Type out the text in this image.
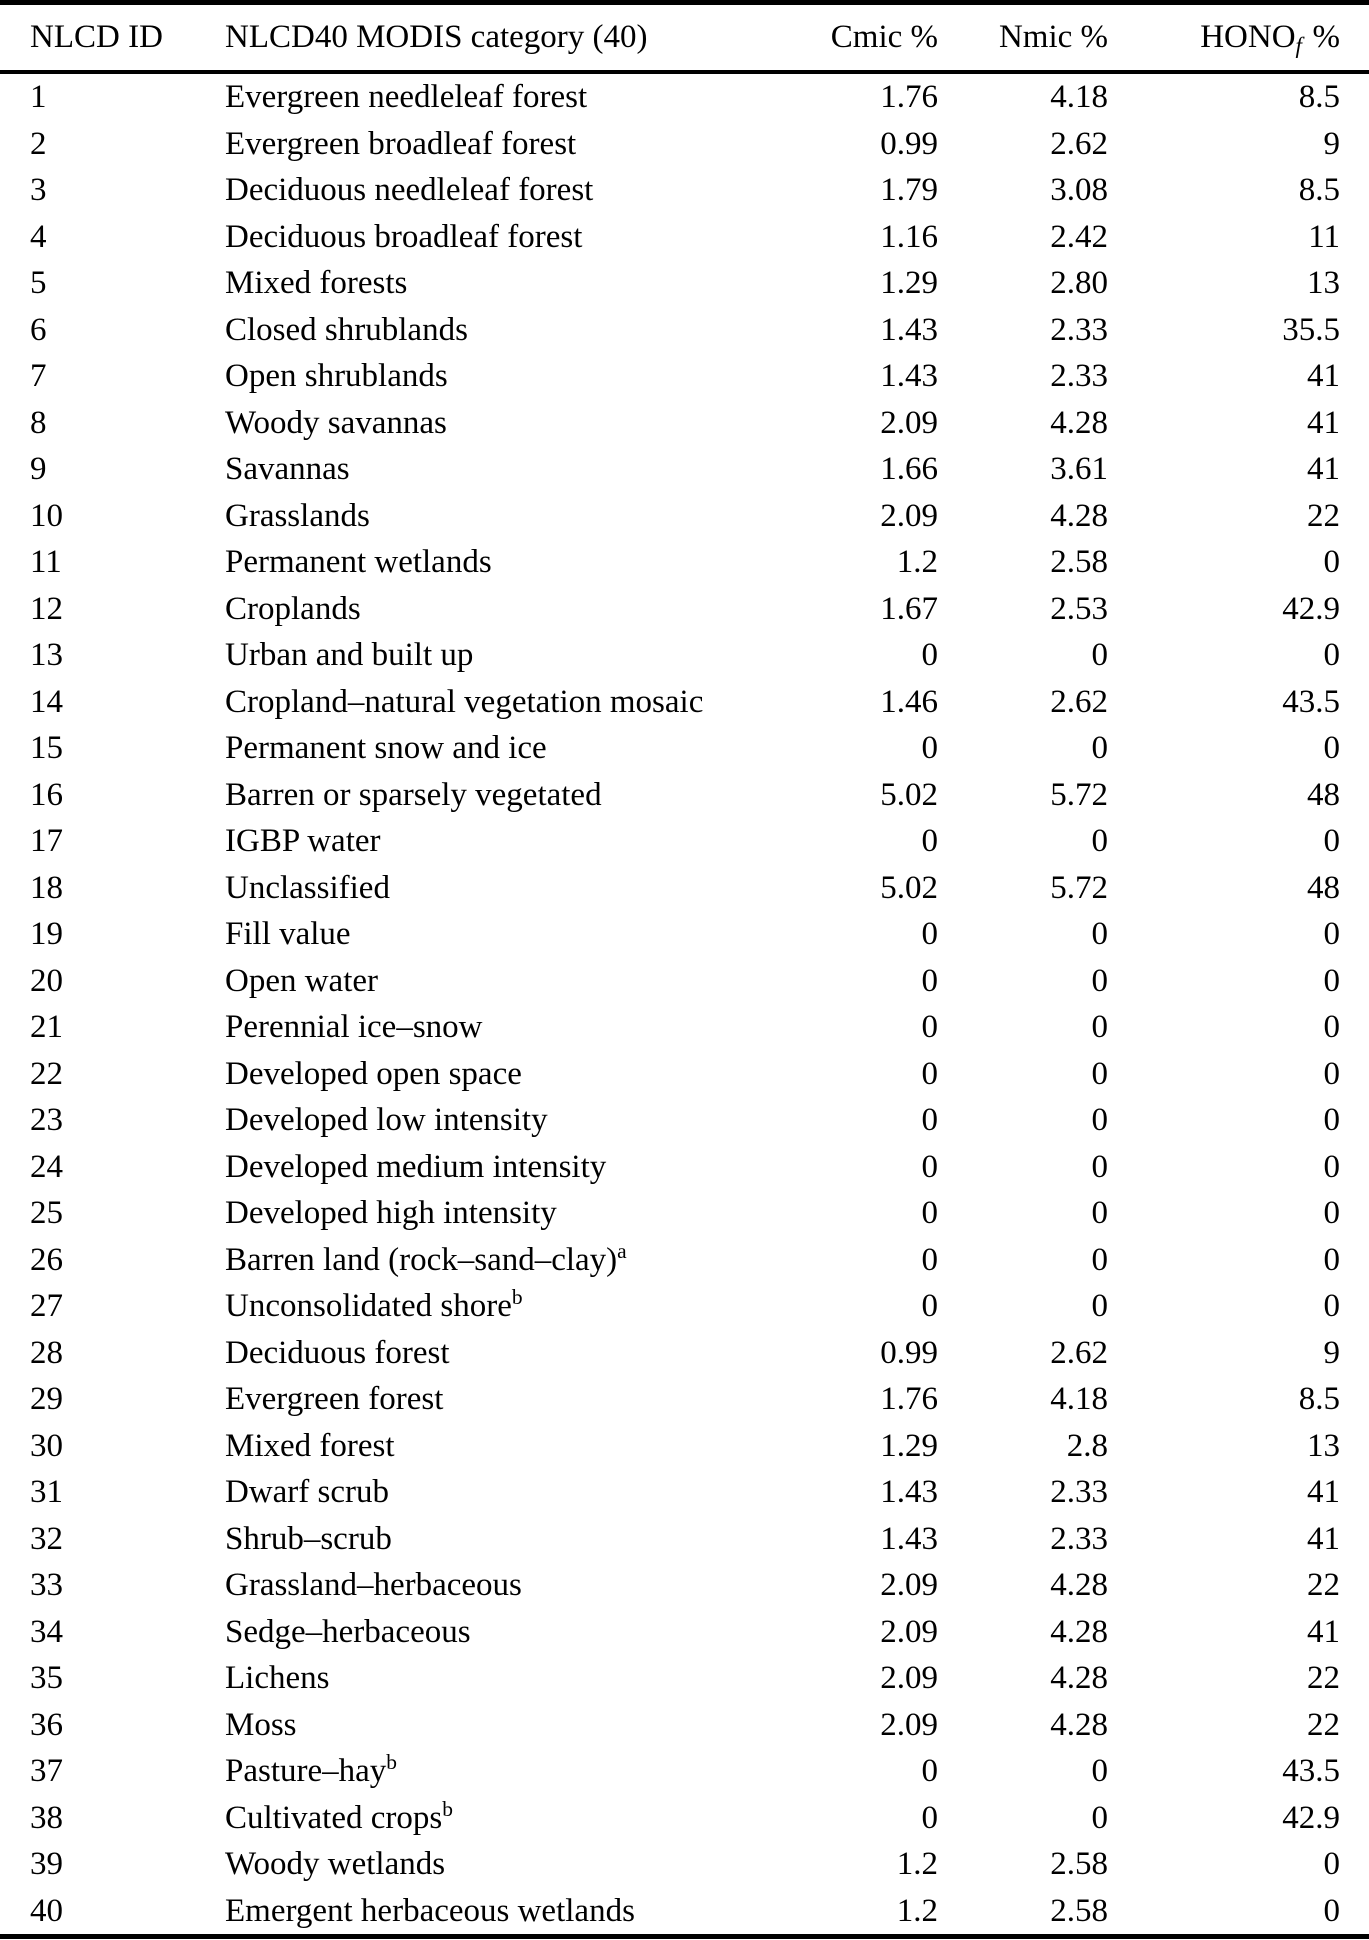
NLCD ID	NLCD40 MODIS category (40)	Cmic %	Nmic %	$HONO_f$ %
1	Evergreen needleleaf forest	1.76	4.18	8.5
2	Evergreen broadleaf forest	0.99	2.62	9
3	Deciduous needleleaf forest	1.79	3.08	8.5
4	Deciduous broadleaf forest	1.16	2.42	11
5	Mixed forests	1.29	2.80	13
6	Closed shrublands	1.43	2.33	35.5
7	Open shrublands	1.43	2.33	41
8	Woody savannas	2.09	4.28	41
9	Savannas	1.66	3.61	41
10	Grasslands	2.09	4.28	22
11	Permanent wetlands	1.2	2.58	0
12	Croplands	1.67	2.53	42.9
13	Urban and built up	0	0	0
14	Cropland–natural vegetation mosaic	1.46	2.62	43.5
15	Permanent snow and ice	0	0	0
16	Barren or sparsely vegetated	5.02	5.72	48
17	IGBP water	0	0	0
18	Unclassified	5.02	5.72	48
19	Fill value	0	0	0
20	Open water	0	0	0
21	Perennial ice–snow	0	0	0
22	Developed open space	0	0	0
23	Developed low intensity	0	0	0
24	Developed medium intensity	0	0	0
25	Developed high intensity	0	0	0
26	Barren land (rock–sand–clay)$^a$	0	0	0
27	Unconsolidated shore$^b$	0	0	0
28	Deciduous forest	0.99	2.62	9
29	Evergreen forest	1.76	4.18	8.5
30	Mixed forest	1.29	2.8	13
31	Dwarf scrub	1.43	2.33	41
32	Shrub–scrub	1.43	2.33	41
33	Grassland–herbaceous	2.09	4.28	22
34	Sedge–herbaceous	2.09	4.28	41
35	Lichens	2.09	4.28	22
36	Moss	2.09	4.28	22
37	Pasture–hay$^b$	0	0	43.5
38	Cultivated crops$^b$	0	0	42.9
39	Woody wetlands	1.2	2.58	0
40	Emergent herbaceous wetlands	1.2	2.58	0
